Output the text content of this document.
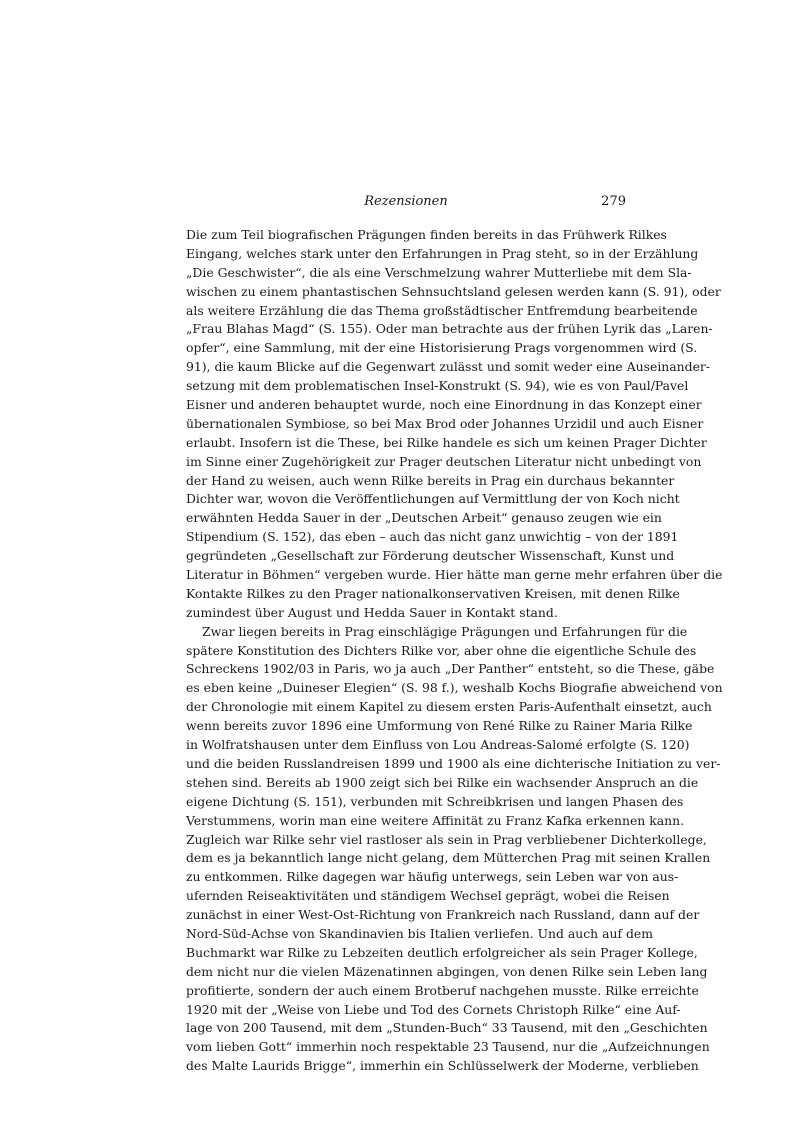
Rezensionen	279
Die zum Teil biografischen Prägungen finden bereits in das Frühwerk Rilkes
Eingang, welches stark unter den Erfahrungen in Prag steht, so in der Erzählung
„Die Geschwister“, die als eine Verschmelzung wahrer Mutterliebe mit dem Sla-
wischen zu einem phantastischen Sehnsuchtsland gelesen werden kann (S. 91), oder
als weitere Erzählung die das Thema großstädtischer Entfremdung bearbeitende
„Frau Blahas Magd“ (S. 155). Oder man betrachte aus der frühen Lyrik das „Laren-
opfer“, eine Sammlung, mit der eine Historisierung Prags vorgenommen wird (S.
91), die kaum Blicke auf die Gegenwart zulässt und somit weder eine Auseinander-
setzung mit dem problematischen Insel-Konstrukt (S. 94), wie es von Paul/Pavel
Eisner und anderen behauptet wurde, noch eine Einordnung in das Konzept einer
übernationalen Symbiose, so bei Max Brod oder Johannes Urzidil und auch Eisner
erlaubt. Insofern ist die These, bei Rilke handele es sich um keinen Prager Dichter
im Sinne einer Zugehörigkeit zur Prager deutschen Literatur nicht unbedingt von
der Hand zu weisen, auch wenn Rilke bereits in Prag ein durchaus bekannter
Dichter war, wovon die Veröffentlichungen auf Vermittlung der von Koch nicht
erwähnten Hedda Sauer in der „Deutschen Arbeit“ genauso zeugen wie ein
Stipendium (S. 152), das eben – auch das nicht ganz unwichtig – von der 1891
gegründeten „Gesellschaft zur Förderung deutscher Wissenschaft, Kunst und
Literatur in Böhmen“ vergeben wurde. Hier hätte man gerne mehr erfahren über die
Kontakte Rilkes zu den Prager nationalkonservativen Kreisen, mit denen Rilke
zumindest über August und Hedda Sauer in Kontakt stand.
Zwar liegen bereits in Prag einschlägige Prägungen und Erfahrungen für die
spätere Konstitution des Dichters Rilke vor, aber ohne die eigentliche Schule des
Schreckens 1902/03 in Paris, wo ja auch „Der Panther“ entsteht, so die These, gäbe
es eben keine „Duineser Elegien“ (S. 98 f.), weshalb Kochs Biografie abweichend von
der Chronologie mit einem Kapitel zu diesem ersten Paris-Aufenthalt einsetzt, auch
wenn bereits zuvor 1896 eine Umformung von René Rilke zu Rainer Maria Rilke
in Wolfratshausen unter dem Einfluss von Lou Andreas-Salomé erfolgte (S. 120)
und die beiden Russlandreisen 1899 und 1900 als eine dichterische Initiation zu ver-
stehen sind. Bereits ab 1900 zeigt sich bei Rilke ein wachsender Anspruch an die
eigene Dichtung (S. 151), verbunden mit Schreibkrisen und langen Phasen des
Verstummens, worin man eine weitere Affinität zu Franz Kafka erkennen kann.
Zugleich war Rilke sehr viel rastloser als sein in Prag verbliebener Dichterkollege,
dem es ja bekanntlich lange nicht gelang, dem Mütterchen Prag mit seinen Krallen
zu entkommen. Rilke dagegen war häufig unterwegs, sein Leben war von aus-
ufernden Reiseaktivitäten und ständigem Wechsel geprägt, wobei die Reisen
zunächst in einer West-Ost-Richtung von Frankreich nach Russland, dann auf der
Nord-Süd-Achse von Skandinavien bis Italien verliefen. Und auch auf dem
Buchmarkt war Rilke zu Lebzeiten deutlich erfolgreicher als sein Prager Kollege,
dem nicht nur die vielen Mäzenatinnen abgingen, von denen Rilke sein Leben lang
profitierte, sondern der auch einem Brotberuf nachgehen musste. Rilke erreichte
1920 mit der „Weise von Liebe und Tod des Cornets Christoph Rilke“ eine Auf-
lage von 200 Tausend, mit dem „Stunden-Buch“ 33 Tausend, mit den „Geschichten
vom lieben Gott“ immerhin noch respektable 23 Tausend, nur die „Aufzeichnungen
des Malte Laurids Brigge“, immerhin ein Schlüsselwerk der Moderne, verblieben
